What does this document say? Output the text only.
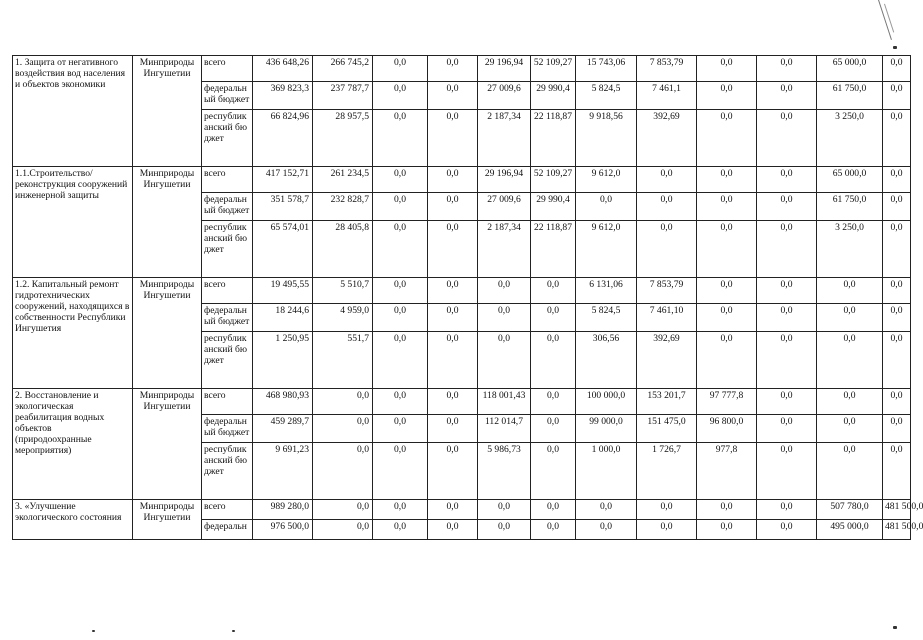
1. Защита от негативного воздействия вод населения и объектов экономики	Минприроды Ингушетии	всего	436 648,26	266 745,2	0,0	0,0	29 196,94	52 109,27	15 743,06	7 853,79	0,0	0,0	65 000,0	0,0
		федеральный бюджет	369 823,3	237 787,7	0,0	0,0	27 009,6	29 990,4	5 824,5	7 461,1	0,0	0,0	61 750,0	0,0
		республиканский бюджет	66 824,96	28 957,5	0,0	0,0	2 187,34	22 118,87	9 918,56	392,69	0,0	0,0	3 250,0	0,0
1.1.Строительство/реконструкция сооружений инженерной защиты	Минприроды Ингушетии	всего	417 152,71	261 234,5	0,0	0,0	29 196,94	52 109,27	9 612,0	0,0	0,0	0,0	65 000,0	0,0
		федеральный бюджет	351 578,7	232 828,7	0,0	0,0	27 009,6	29 990,4	0,0	0,0	0,0	0,0	61 750,0	0,0
		республиканский бюджет	65 574,01	28 405,8	0,0	0,0	2 187,34	22 118,87	9 612,0	0,0	0,0	0,0	3 250,0	0,0
1.2. Капитальный ремонт гидротехнических сооружений, находящихся в собственности Республики Ингушетия	Минприроды Ингушетии	всего	19 495,55	5 510,7	0,0	0,0	0,0	0,0	6 131,06	7 853,79	0,0	0,0	0,0	0,0
		федеральный бюджет	18 244,6	4 959,0	0,0	0,0	0,0	0,0	5 824,5	7 461,10	0,0	0,0	0,0	0,0
		республиканский бюджет	1 250,95	551,7	0,0	0,0	0,0	0,0	306,56	392,69	0,0	0,0	0,0	0,0
2. Восстановление и экологическая реабилитация водных объектов (природоохранные мероприятия)	Минприроды Ингушетии	всего	468 980,93	0,0	0,0	0,0	118 001,43	0,0	100 000,0	153 201,7	97 777,8	0,0	0,0	0,0
		федеральный бюджет	459 289,7	0,0	0,0	0,0	112 014,7	0,0	99 000,0	151 475,0	96 800,0	0,0	0,0	0,0
		республиканский бюджет	9 691,23	0,0	0,0	0,0	5 986,73	0,0	1 000,0	1 726,7	977,8	0,0	0,0	0,0
3. «Улучшение экологического состояния	Минприроды Ингушетии	всего	989 280,0	0,0	0,0	0,0	0,0	0,0	0,0	0,0	0,0	0,0	507 780,0	481 500,0
		федеральн	976 500,0	0,0	0,0	0,0	0,0	0,0	0,0	0,0	0,0	0,0	495 000,0	481 500,0
